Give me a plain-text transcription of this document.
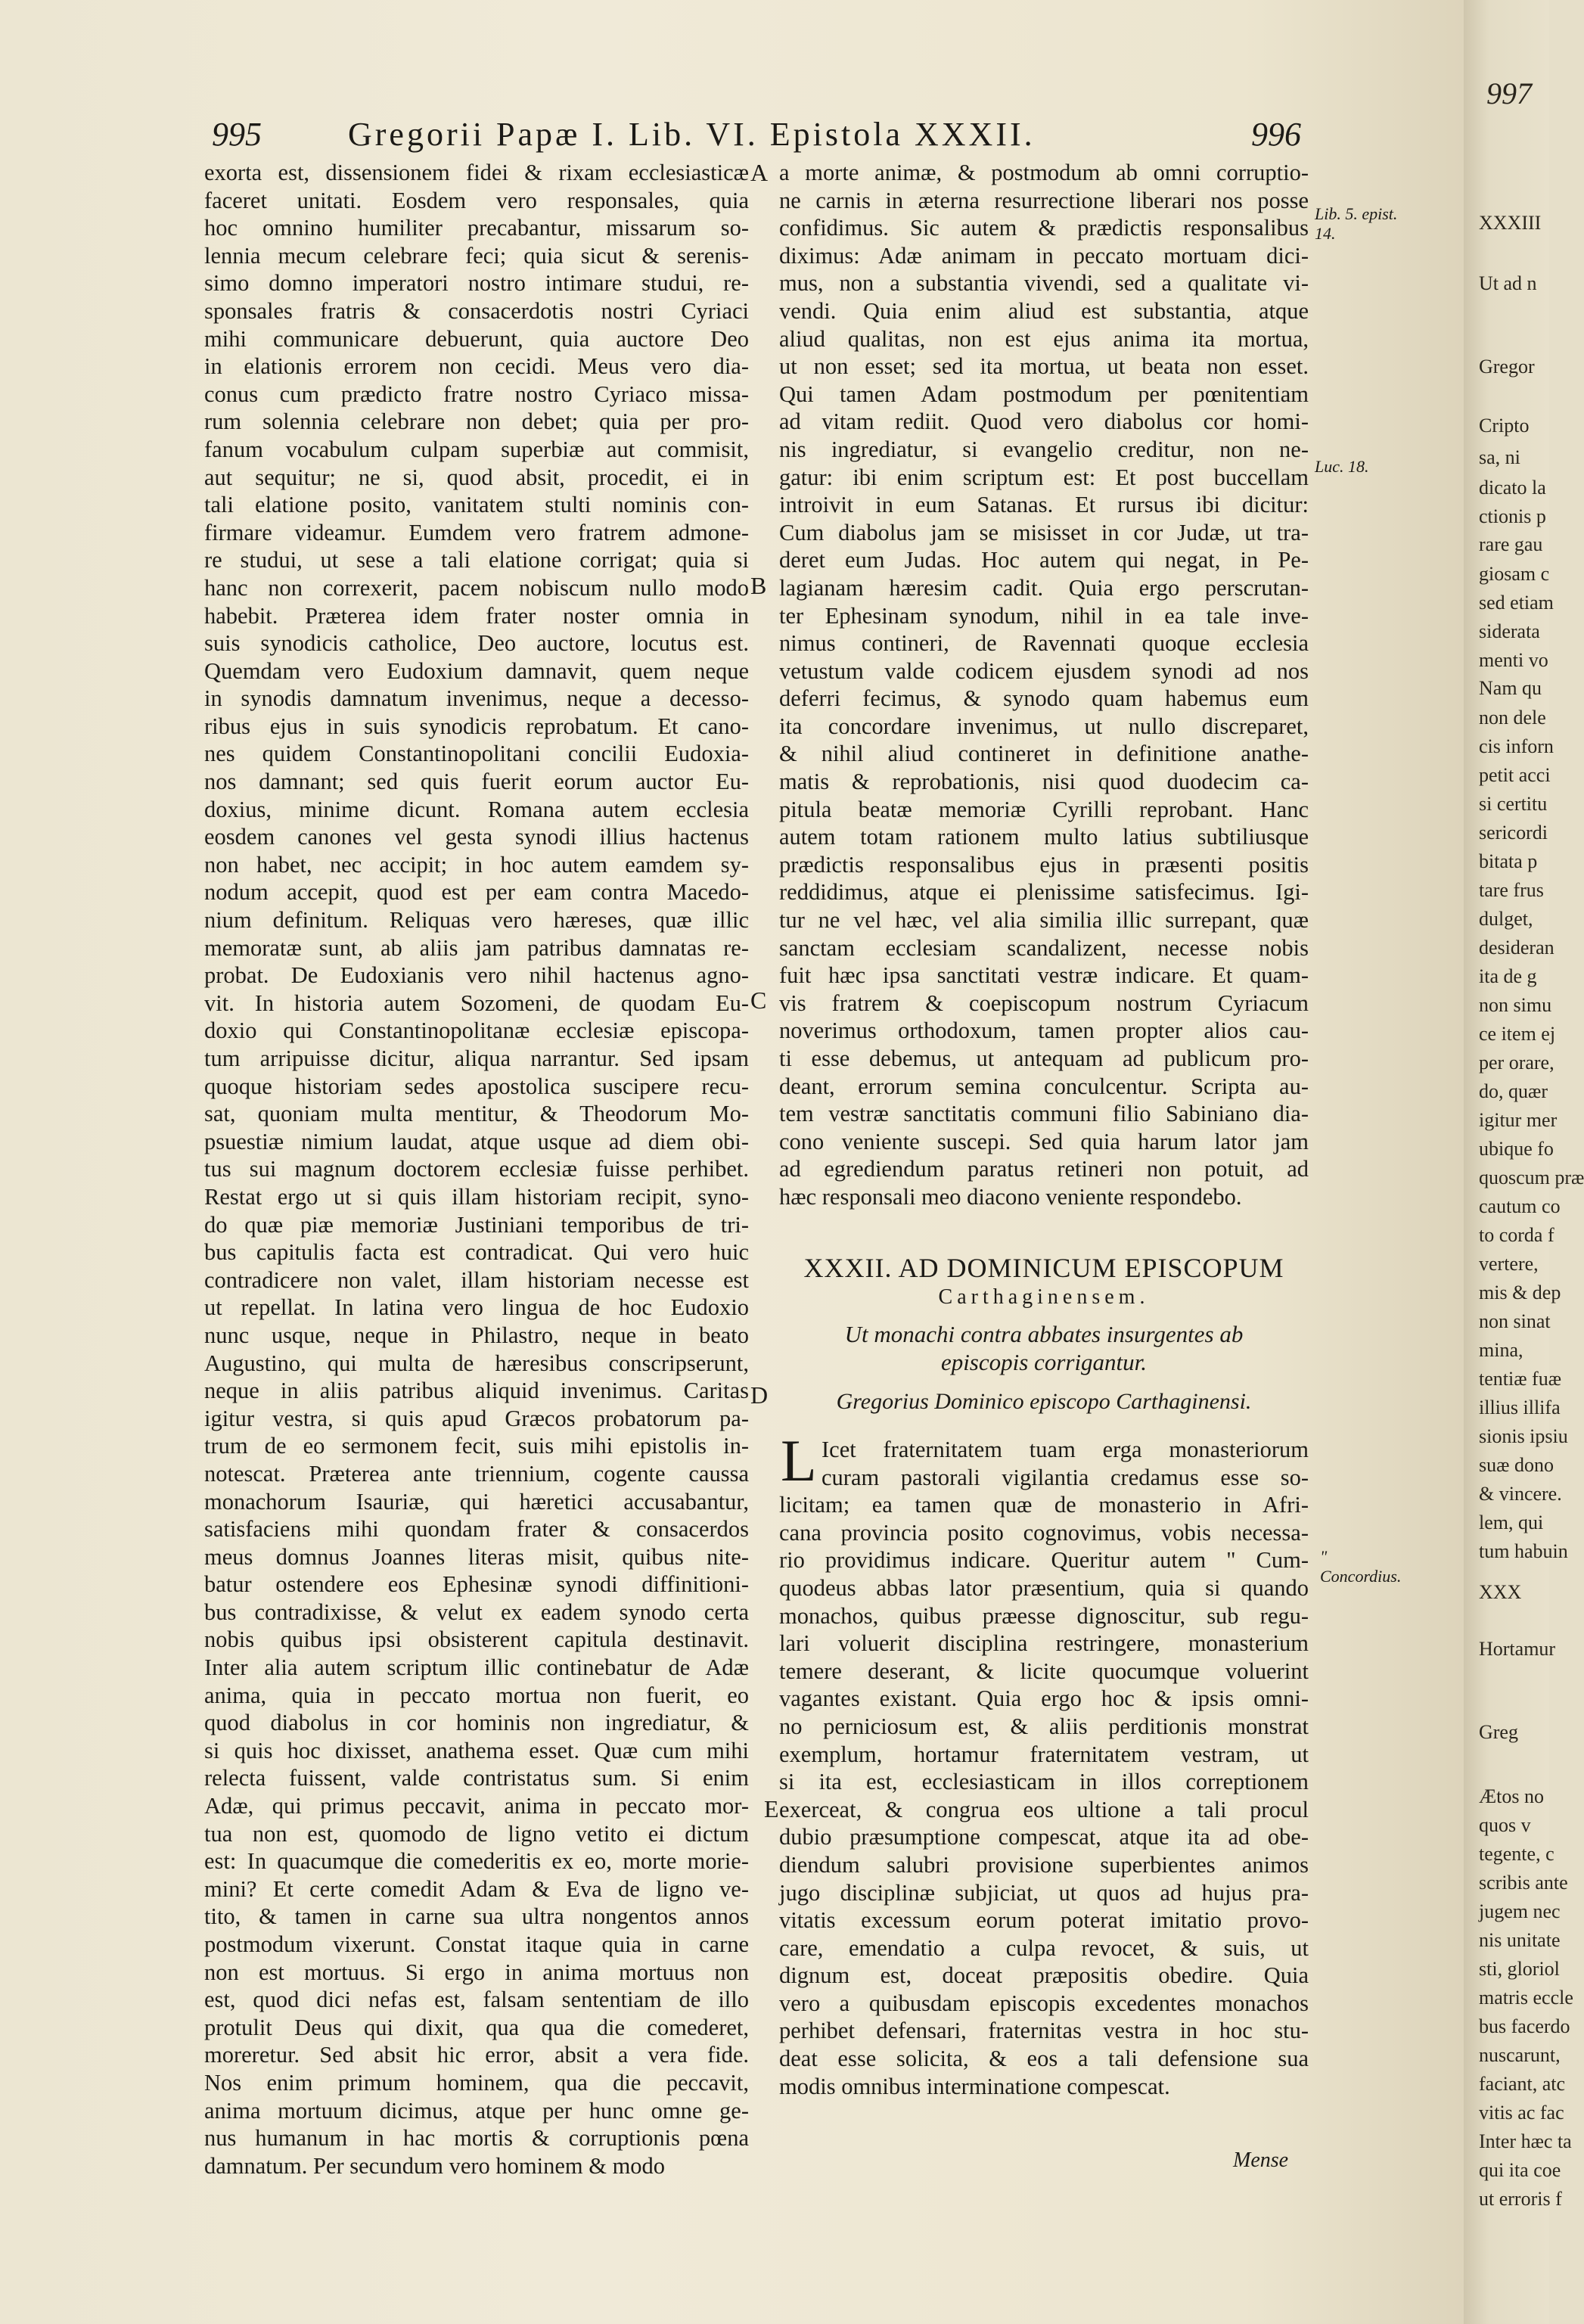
995	Gregorii Papæ I. Lib. VI. Epistola XXXII.	996
exorta est, dissensionem fidei & rixam ecclesiasticæ
faceret unitati. Eosdem vero responsales, quia
hoc omnino humiliter precabantur, missarum so-
lennia mecum celebrare feci; quia sicut & serenis-
simo domno imperatori nostro intimare studui, re-
sponsales fratris & consacerdotis nostri Cyriaci
mihi communicare debuerunt, quia auctore Deo
in elationis errorem non cecidi. Meus vero dia-
conus cum prædicto fratre nostro Cyriaco missa-
rum solennia celebrare non debet; quia per pro-
fanum vocabulum culpam superbiæ aut commisit,
aut sequitur; ne si, quod absit, procedit, ei in
tali elatione posito, vanitatem stulti nominis con-
firmare videamur. Eumdem vero fratrem admone-
re studui, ut sese a tali elatione corrigat; quia si
hanc non correxerit, pacem nobiscum nullo modo
habebit. Præterea idem frater noster omnia in
suis synodicis catholice, Deo auctore, locutus est.
Quemdam vero Eudoxium damnavit, quem neque
in synodis damnatum invenimus, neque a decesso-
ribus ejus in suis synodicis reprobatum. Et cano-
nes quidem Constantinopolitani concilii Eudoxia-
nos damnant; sed quis fuerit eorum auctor Eu-
doxius, minime dicunt. Romana autem ecclesia
eosdem canones vel gesta synodi illius hactenus
non habet, nec accipit; in hoc autem eamdem sy-
nodum accepit, quod est per eam contra Macedo-
nium definitum. Reliquas vero hæreses, quæ illic
memoratæ sunt, ab aliis jam patribus damnatas re-
probat. De Eudoxianis vero nihil hactenus agno-
vit. In historia autem Sozomeni, de quodam Eu-
doxio qui Constantinopolitanæ ecclesiæ episcopa-
tum arripuisse dicitur, aliqua narrantur. Sed ipsam
quoque historiam sedes apostolica suscipere recu-
sat, quoniam multa mentitur, & Theodorum Mo-
psuestiæ nimium laudat, atque usque ad diem obi-
tus sui magnum doctorem ecclesiæ fuisse perhibet.
Restat ergo ut si quis illam historiam recipit, syno-
do quæ piæ memoriæ Justiniani temporibus de tri-
bus capitulis facta est contradicat. Qui vero huic
contradicere non valet, illam historiam necesse est
ut repellat. In latina vero lingua de hoc Eudoxio
nunc usque, neque in Philastro, neque in beato
Augustino, qui multa de hæresibus conscripserunt,
neque in aliis patribus aliquid invenimus. Caritas
igitur vestra, si quis apud Græcos probatorum pa-
trum de eo sermonem fecit, suis mihi epistolis in-
notescat. Præterea ante triennium, cogente caussa
monachorum Isauriæ, qui hæretici accusabantur,
satisfaciens mihi quondam frater & consacerdos
meus domnus Joannes literas misit, quibus nite-
batur ostendere eos Ephesinæ synodi diffinitioni-
bus contradixisse, & velut ex eadem synodo certa
nobis quibus ipsi obsisterent capitula destinavit.
Inter alia autem scriptum illic continebatur de Adæ
anima, quia in peccato mortua non fuerit, eo
quod diabolus in cor hominis non ingrediatur, &
si quis hoc dixisset, anathema esset. Quæ cum mihi
relecta fuissent, valde contristatus sum. Si enim
Adæ, qui primus peccavit, anima in peccato mor-
tua non est, quomodo de ligno vetito ei dictum
est: In quacumque die comederitis ex eo, morte morie-
mini? Et certe comedit Adam & Eva de ligno ve-
tito, & tamen in carne sua ultra nongentos annos
postmodum vixerunt. Constat itaque quia in carne
non est mortuus. Si ergo in anima mortuus non
est, quod dici nefas est, falsam sententiam de illo
protulit Deus qui dixit, qua qua die comederet,
moreretur. Sed absit hic error, absit a vera fide.
Nos enim primum hominem, qua die peccavit,
anima mortuum dicimus, atque per hunc omne ge-
nus humanum in hac mortis & corruptionis pœna
damnatum. Per secundum vero hominem & modo
a morte animæ, & postmodum ab omni corruptio-
ne carnis in æterna resurrectione liberari nos posse
confidimus. Sic autem & prædictis responsalibus
diximus: Adæ animam in peccato mortuam dici-
mus, non a substantia vivendi, sed a qualitate vi-
vendi. Quia enim aliud est substantia, atque
aliud qualitas, non est ejus anima ita mortua,
ut non esset; sed ita mortua, ut beata non esset.
Qui tamen Adam postmodum per pœnitentiam
ad vitam rediit. Quod vero diabolus cor homi-
nis ingrediatur, si evangelio creditur, non ne-
gatur: ibi enim scriptum est: Et post buccellam
introivit in eum Satanas. Et rursus ibi dicitur:
Cum diabolus jam se misisset in cor Judæ, ut tra-
deret eum Judas. Hoc autem qui negat, in Pe-
lagianam hæresim cadit. Quia ergo perscrutan-
ter Ephesinam synodum, nihil in ea tale inve-
nimus contineri, de Ravennati quoque ecclesia
vetustum valde codicem ejusdem synodi ad nos
deferri fecimus, & synodo quam habemus eum
ita concordare invenimus, ut nullo discreparet,
& nihil aliud contineret in definitione anathe-
matis & reprobationis, nisi quod duodecim ca-
pitula beatæ memoriæ Cyrilli reprobant. Hanc
autem totam rationem multo latius subtiliusque
prædictis responsalibus ejus in præsenti positis
reddidimus, atque ei plenissime satisfecimus. Igi-
tur ne vel hæc, vel alia similia illic surrepant, quæ
sanctam ecclesiam scandalizent, necesse nobis
fuit hæc ipsa sanctitati vestræ indicare. Et quam-
vis fratrem & coepiscopum nostrum Cyriacum
noverimus orthodoxum, tamen propter alios cau-
ti esse debemus, ut antequam ad publicum pro-
deant, errorum semina conculcentur. Scripta au-
tem vestræ sanctitatis communi filio Sabiniano dia-
cono veniente suscepi. Sed quia harum lator jam
ad egrediendum paratus retineri non potuit, ad
hæc responsali meo diacono veniente respondebo.
A
B
C
D
E
Lib. 5. epist. 14.
Luc. 18.
" Concordius.
XXXII. AD DOMINICUM EPISCOPUM
Carthaginensem.
Ut monachi contra abbates insurgentes ab
episcopis corrigantur.
Gregorius Dominico episcopo Carthaginensi.
L Icet fraternitatem tuam erga monasteriorum
curam pastorali vigilantia credamus esse so-
licitam; ea tamen quæ de monasterio in Afri-
cana provincia posito cognovimus, vobis necessa-
rio providimus indicare. Queritur autem " Cum-
quodeus abbas lator præsentium, quia si quando
monachos, quibus præesse dignoscitur, sub regu-
lari voluerit disciplina restringere, monasterium
temere deserant, & licite quocumque voluerint
vagantes existant. Quia ergo hoc & ipsis omni-
no perniciosum est, & aliis perditionis monstrat
exemplum, hortamur fraternitatem vestram, ut
si ita est, ecclesiasticam in illos correptionem
exerceat, & congrua eos ultione a tali procul
dubio præsumptione compescat, atque ita ad obe-
diendum salubri provisione superbientes animos
jugo disciplinæ subjiciat, ut quos ad hujus pra-
vitatis excessum eorum poterat imitatio provo-
care, emendatio a culpa revocet, & suis, ut
dignum est, doceat præpositis obedire. Quia
vero a quibusdam episcopis excedentes monachos
perhibet defensari, fraternitas vestra in hoc stu-
deat esse solicita, & eos a tali defensione sua
modis omnibus interminatione compescat.
Mense
997
XXXIII
Ut ad n
Gregor
Cripto
sa, ni
dicato la
ctionis p
rare gau
giosam c
sed etiam
siderata
menti vo
Nam qu
non dele
cis inforn
petit acci
si certitu
sericordi
bitata p
tare frus
dulget,
desideran
ita de g
non simu
ce item ej
per orare,
do, quær
igitur mer
ubique fo
quoscum præ
cautum co
to corda f
vertere,
mis & dep
non sinat
mina,
tentiæ fuæ
illius illifa
sionis ipsiu
suæ dono
& vincere.
lem, qui
tum habuin
XXX
Hortamur
Greg
Ætos no
quos v
tegente, c
scribis ante
jugem nec
nis unitate
sti, gloriol
matris eccle
bus facerdo
nuscarunt,
faciant, atc
vitis ac fac
Inter hæc ta
qui ita coe
ut erroris f
